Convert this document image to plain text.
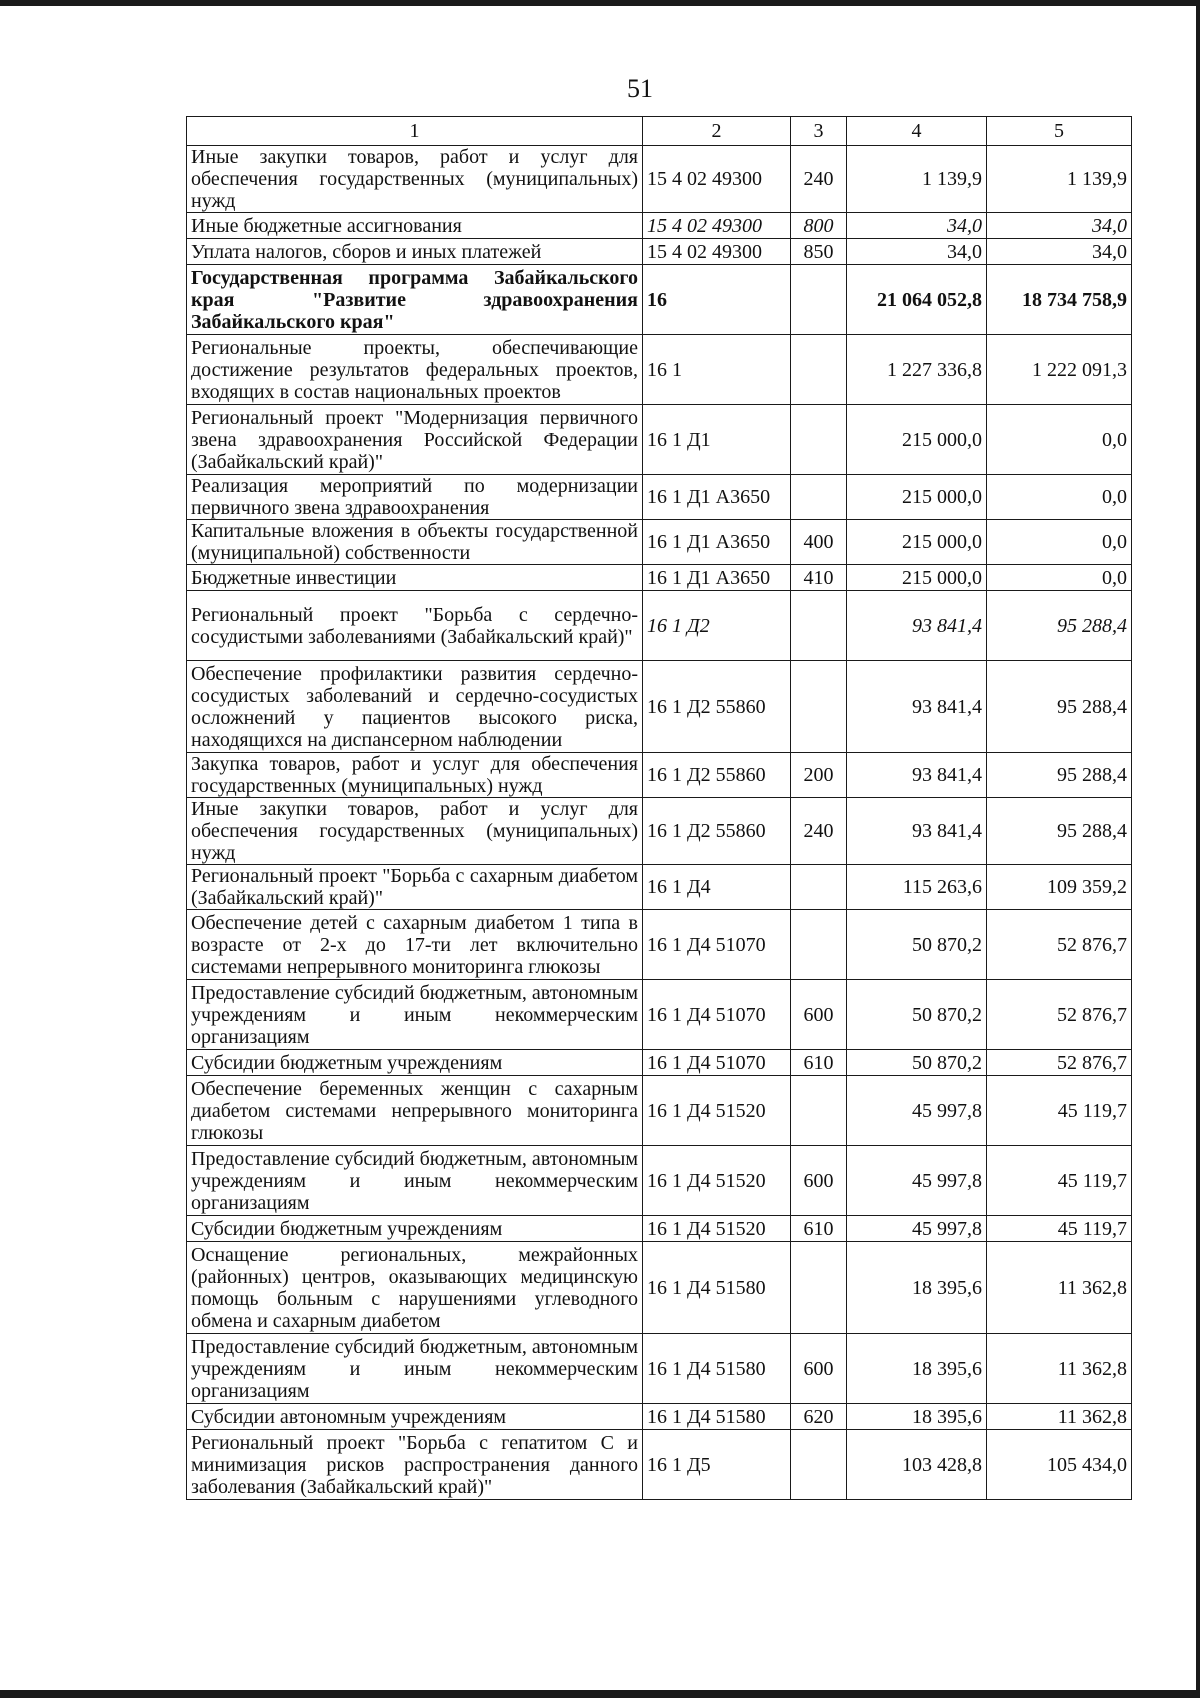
51
1	2	3	4	5
Иные закупки товаров, работ и услуг для обеспечения государственных (муниципальных) нужд	15 4 02 49300	240	1 139,9	1 139,9
Иные бюджетные ассигнования	15 4 02 49300	800	34,0	34,0
Уплата налогов, сборов и иных платежей	15 4 02 49300	850	34,0	34,0
Государственная программа Забайкальского края "Развитие здравоохранения Забайкальского края"	16		21 064 052,8	18 734 758,9
Региональные проекты, обеспечивающие достижение результатов федеральных проектов, входящих в состав национальных проектов	16 1		1 227 336,8	1 222 091,3
Региональный проект "Модернизация первичного звена здравоохранения Российской Федерации (Забайкальский край)"	16 1 Д1		215 000,0	0,0
Реализация мероприятий по модернизации первичного звена здравоохранения	16 1 Д1 А3650		215 000,0	0,0
Капитальные вложения в объекты государственной (муниципальной) собственности	16 1 Д1 А3650	400	215 000,0	0,0
Бюджетные инвестиции	16 1 Д1 А3650	410	215 000,0	0,0
Региональный проект "Борьба с сердечно-сосудистыми заболеваниями (Забайкальский край)"	16 1 Д2		93 841,4	95 288,4
Обеспечение профилактики развития сердечно-сосудистых заболеваний и сердечно-сосудистых осложнений у пациентов высокого риска, находящихся на диспансерном наблюдении	16 1 Д2 55860		93 841,4	95 288,4
Закупка товаров, работ и услуг для обеспечения государственных (муниципальных) нужд	16 1 Д2 55860	200	93 841,4	95 288,4
Иные закупки товаров, работ и услуг для обеспечения государственных (муниципальных) нужд	16 1 Д2 55860	240	93 841,4	95 288,4
Региональный проект "Борьба с сахарным диабетом (Забайкальский край)"	16 1 Д4		115 263,6	109 359,2
Обеспечение детей с сахарным диабетом 1 типа в возрасте от 2-х до 17-ти лет включительно системами непрерывного мониторинга глюкозы	16 1 Д4 51070		50 870,2	52 876,7
Предоставление субсидий бюджетным, автономным учреждениям и иным некоммерческим организациям	16 1 Д4 51070	600	50 870,2	52 876,7
Субсидии бюджетным учреждениям	16 1 Д4 51070	610	50 870,2	52 876,7
Обеспечение беременных женщин с сахарным диабетом системами непрерывного мониторинга глюкозы	16 1 Д4 51520		45 997,8	45 119,7
Предоставление субсидий бюджетным, автономным учреждениям и иным некоммерческим организациям	16 1 Д4 51520	600	45 997,8	45 119,7
Субсидии бюджетным учреждениям	16 1 Д4 51520	610	45 997,8	45 119,7
Оснащение региональных, межрайонных (районных) центров, оказывающих медицинскую помощь больным с нарушениями углеводного обмена и сахарным диабетом	16 1 Д4 51580		18 395,6	11 362,8
Предоставление субсидий бюджетным, автономным учреждениям и иным некоммерческим организациям	16 1 Д4 51580	600	18 395,6	11 362,8
Субсидии автономным учреждениям	16 1 Д4 51580	620	18 395,6	11 362,8
Региональный проект "Борьба с гепатитом С и минимизация рисков распространения данного заболевания (Забайкальский край)"	16 1 Д5		103 428,8	105 434,0
